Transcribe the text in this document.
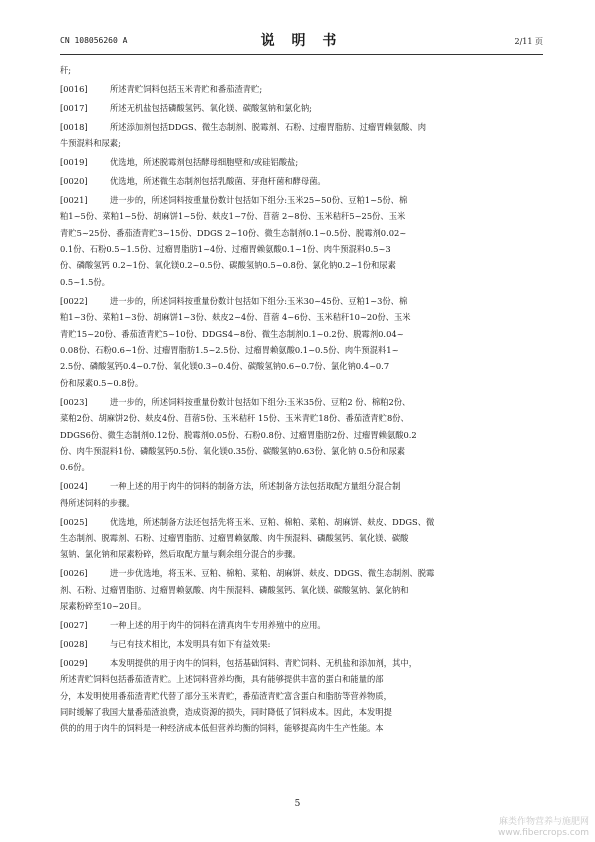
CN 108056260 A	说 明 书	2/11 页

秆;

[0016]	所述青贮饲料包括玉米青贮和番茄渣青贮;

[0017]	所述无机盐包括磷酸氢钙、氧化镁、碳酸氢钠和氯化钠;

[0018]	所述添加剂包括DDGS、微生态制剂、脱霉剂、石粉、过瘤胃脂肪、过瘤胃赖氨酸、肉

牛预混料和尿素;

[0019]	优选地，所述脱霉剂包括酵母细胞壁和/或硅铝酸盐;

[0020]	优选地，所述微生态制剂包括乳酸菌、芽孢杆菌和酵母菌。

[0021]	进一步的，所述饲料按重量份数计包括如下组分:玉米25~50份、豆粕1~5份、棉

粕1~5份、菜粕1~5份、胡麻饼1~5份、麸皮1~7份、苜蓿 2~8份、玉米秸秆5~25份、玉米

青贮5~25份、番茄渣青贮3~15份、DDGS 2~10份、微生态制剂0.1~0.5份、脱霉剂0.02~

0.1份、石粉0.5~1.5份、过瘤胃脂肪1~4份、过瘤胃赖氨酸0.1~1份、肉牛预混料0.5~3

份、磷酸氢钙 0.2~1份、氧化镁0.2~0.5份、碳酸氢钠0.5~0.8份、氯化钠0.2~1份和尿素

0.5~1.5份。

[0022]	进一步的，所述饲料按重量份数计包括如下组分:玉米30~45份、豆粕1~3份、棉

粕1~3份、菜粕1~3份、胡麻饼1~3份、麸皮2~4份、苜蓿 4~6份、玉米秸秆10~20份、玉米

青贮15~20份、番茄渣青贮5~10份、DDGS4~8份、微生态制剂0.1~0.2份、脱霉剂0.04~

0.08份、石粉0.6~1份、过瘤胃脂肪1.5~2.5份、过瘤胃赖氨酸0.1~0.5份、肉牛预混料1~

2.5份、磷酸氢钙0.4~0.7份、氧化镁0.3~0.4份、碳酸氢钠0.6~0.7份、氯化钠0.4~0.7

份和尿素0.5~0.8份。

[0023]	进一步的，所述饲料按重量份数计包括如下组分:玉米35份、豆粕2 份、棉粕2份、

菜粕2份、胡麻饼2份、麸皮4份、苜蓿5份、玉米秸秆 15份、玉米青贮18份、番茄渣青贮8份、

DDGS6份、微生态制剂0.12份、脱霉剂0.05份、石粉0.8份、过瘤胃脂肪2份、过瘤胃赖氨酸0.2

份、肉牛预混料1份、磷酸氢钙0.5份、氧化镁0.35份、碳酸氢钠0.63份、氯化钠 0.5份和尿素

0.6份。

[0024]	一种上述的用于肉牛的饲料的制备方法，所述制备方法包括取配方量组分混合制

得所述饲料的步骤。

[0025]	优选地，所述制备方法还包括先将玉米、豆粕、棉粕、菜粕、胡麻饼、麸皮、DDGS、微

生态制剂、脱霉剂、石粉、过瘤胃脂肪、过瘤胃赖氨酸、肉牛预混料、磷酸氢钙、氧化镁、碳酸

氢钠、氯化钠和尿素粉碎，然后取配方量与剩余组分混合的步骤。

[0026]	进一步优选地，将玉米、豆粕、棉粕、菜粕、胡麻饼、麸皮、DDGS、微生态制剂、脱霉

剂、石粉、过瘤胃脂肪、过瘤胃赖氨酸、肉牛预混料、磷酸氢钙、氧化镁、碳酸氢钠、氯化钠和

尿素粉碎至10~20目。

[0027]	一种上述的用于肉牛的饲料在清真肉牛专用养殖中的应用。

[0028]	与已有技术相比，本发明具有如下有益效果:

[0029]	本发明提供的用于肉牛的饲料，包括基础饲料、青贮饲料、无机盐和添加剂，其中，

所述青贮饲料包括番茄渣青贮。上述饲料营养均衡，具有能够提供丰富的蛋白和能量的部

分，本发明使用番茄渣青贮代替了部分玉米青贮，番茄渣青贮富含蛋白和脂肪等营养物质，

同时缓解了我国大量番茄渣浪费，造成资源的损失，同时降低了饲料成本。因此，本发明提

供的的用于肉牛的饲料是一种经济成本低但营养均衡的饲料，能够提高肉牛生产性能。本

5
麻类作物营养与施肥网
www.fibercrops.com
